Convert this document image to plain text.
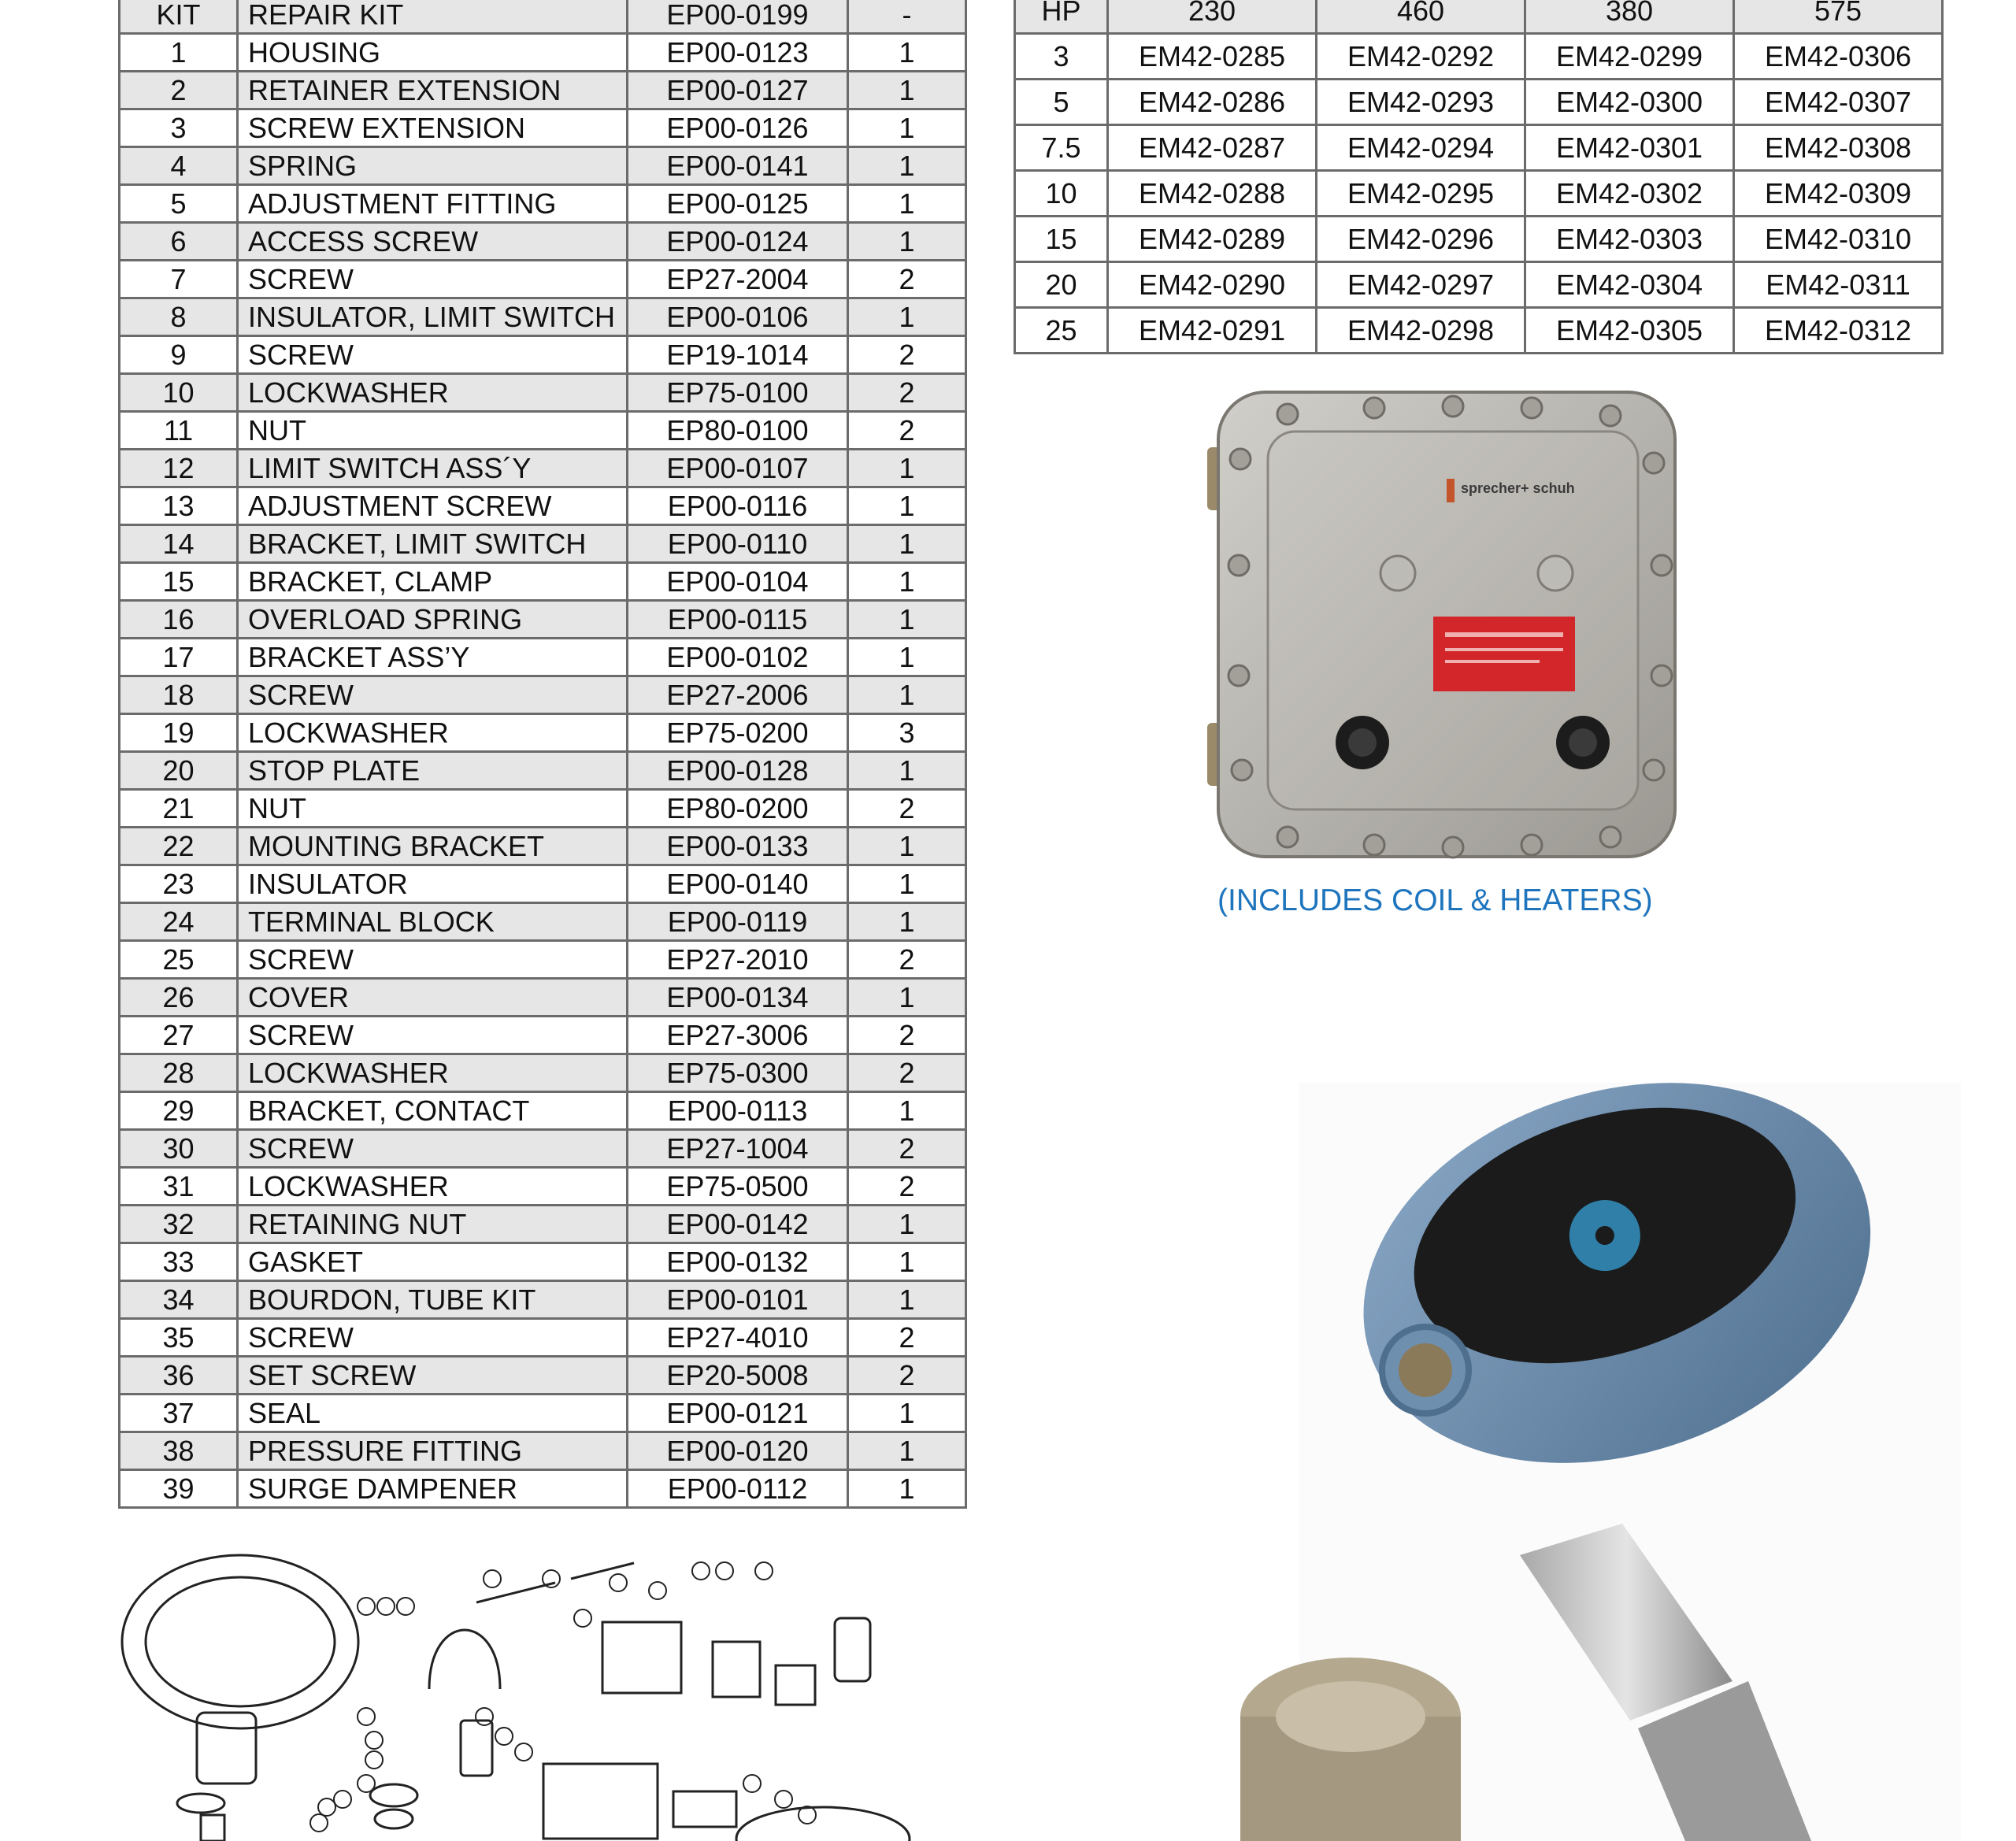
KIT	REPAIR KIT	EP00-0199	-
1	HOUSING	EP00-0123	1
2	RETAINER EXTENSION	EP00-0127	1
3	SCREW EXTENSION	EP00-0126	1
4	SPRING	EP00-0141	1
5	ADJUSTMENT FITTING	EP00-0125	1
6	ACCESS SCREW	EP00-0124	1
7	SCREW	EP27-2004	2
8	INSULATOR, LIMIT SWITCH	EP00-0106	1
9	SCREW	EP19-1014	2
10	LOCKWASHER	EP75-0100	2
11	NUT	EP80-0100	2
12	LIMIT SWITCH ASS´Y	EP00-0107	1
13	ADJUSTMENT SCREW	EP00-0116	1
14	BRACKET, LIMIT SWITCH	EP00-0110	1
15	BRACKET, CLAMP	EP00-0104	1
16	OVERLOAD SPRING	EP00-0115	1
17	BRACKET ASS’Y	EP00-0102	1
18	SCREW	EP27-2006	1
19	LOCKWASHER	EP75-0200	3
20	STOP PLATE	EP00-0128	1
21	NUT	EP80-0200	2
22	MOUNTING BRACKET	EP00-0133	1
23	INSULATOR	EP00-0140	1
24	TERMINAL BLOCK	EP00-0119	1
25	SCREW	EP27-2010	2
26	COVER	EP00-0134	1
27	SCREW	EP27-3006	2
28	LOCKWASHER	EP75-0300	2
29	BRACKET, CONTACT	EP00-0113	1
30	SCREW	EP27-1004	2
31	LOCKWASHER	EP75-0500	2
32	RETAINING NUT	EP00-0142	1
33	GASKET	EP00-0132	1
34	BOURDON, TUBE KIT	EP00-0101	1
35	SCREW	EP27-4010	2
36	SET SCREW	EP20-5008	2
37	SEAL	EP00-0121	1
38	PRESSURE FITTING	EP00-0120	1
39	SURGE DAMPENER	EP00-0112	1
HP	230	460	380	575
3	EM42-0285	EM42-0292	EM42-0299	EM42-0306
5	EM42-0286	EM42-0293	EM42-0300	EM42-0307
7.5	EM42-0287	EM42-0294	EM42-0301	EM42-0308
10	EM42-0288	EM42-0295	EM42-0302	EM42-0309
15	EM42-0289	EM42-0296	EM42-0303	EM42-0310
20	EM42-0290	EM42-0297	EM42-0304	EM42-0311
25	EM42-0291	EM42-0298	EM42-0305	EM42-0312
sprecher+ schuh
(INCLUDES COIL & HEATERS)
